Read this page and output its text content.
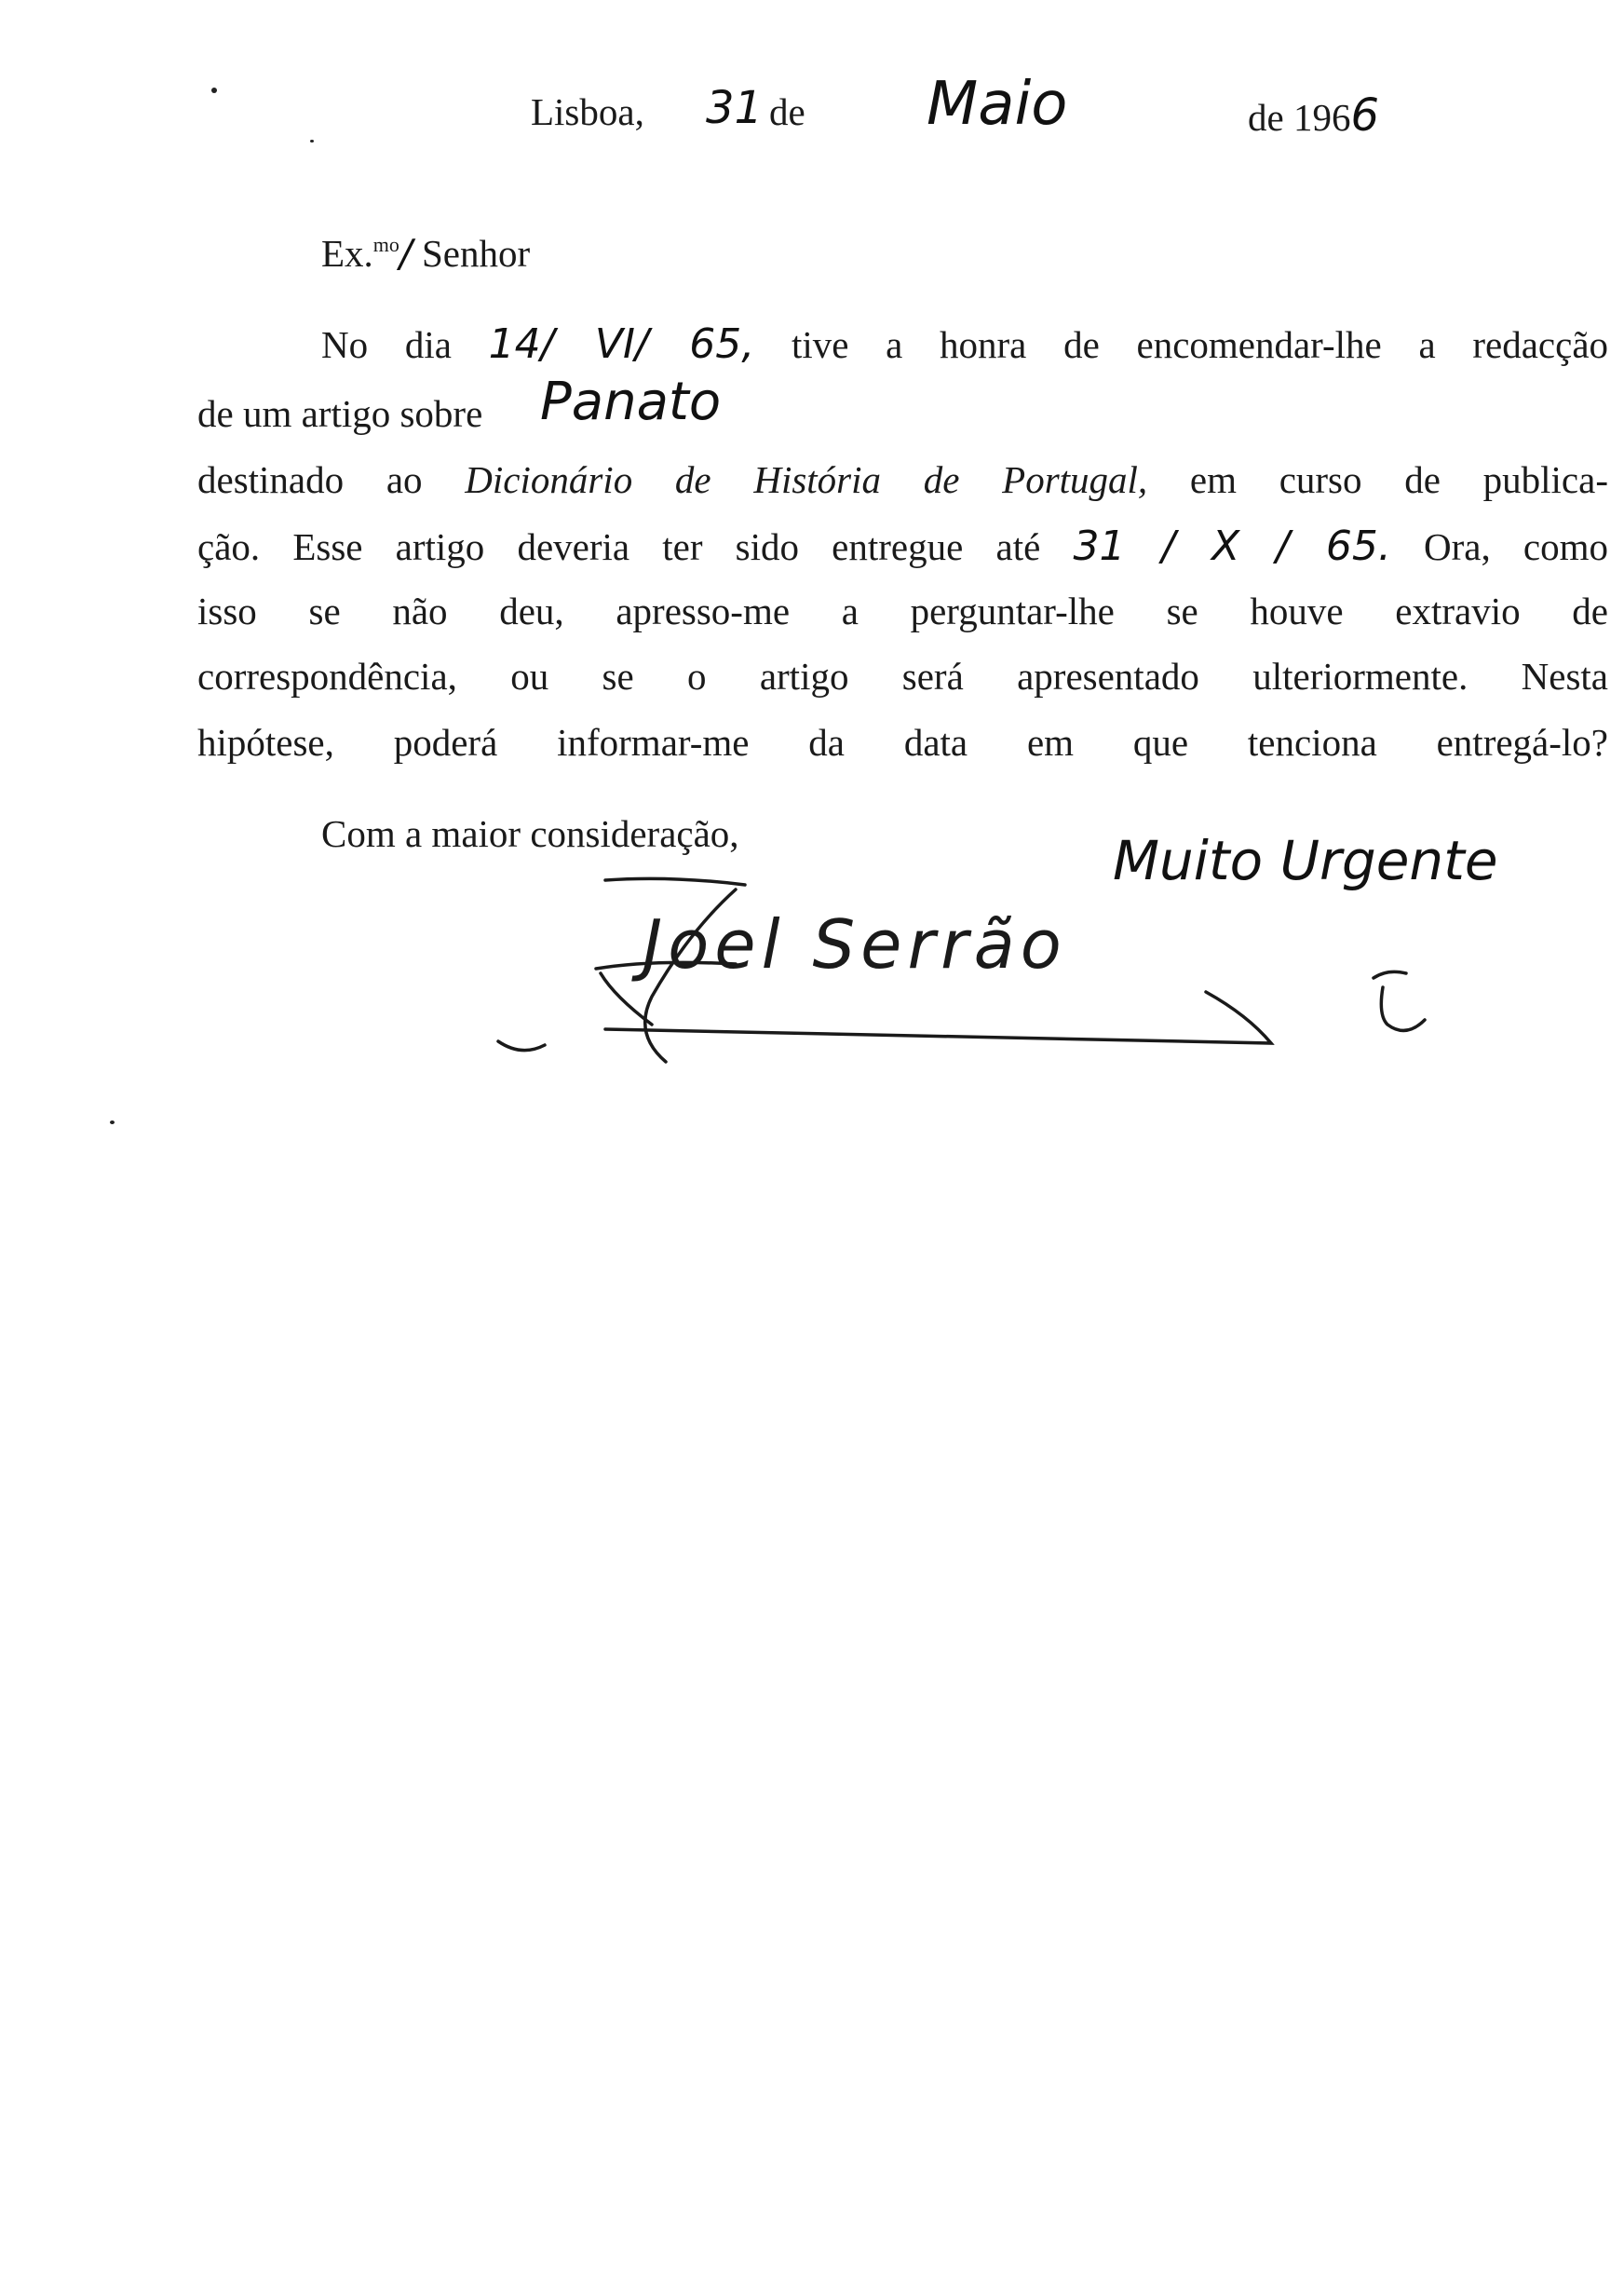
Lisboa, 31 de Maio	de 1966
Ex.$^{mo}$/ Senhor
No dia 14/ VI/ 65, tive a honra de encomendar-lhe a redacção
de um artigo sobre Panato
destinado ao Dicionário de História de Portugal, em curso de publica-
ção. Esse artigo deveria ter sido entregue até 31 / X / 65. Ora, como
isso se não deu, apresso-me a perguntar-lhe se houve extravio de
correspondência, ou se o artigo será apresentado ulteriormente. Nesta
hipótese, poderá informar-me da data em que tenciona entregá-lo?
Com a maior consideração,	Muito Urgente
Joel Serrão
